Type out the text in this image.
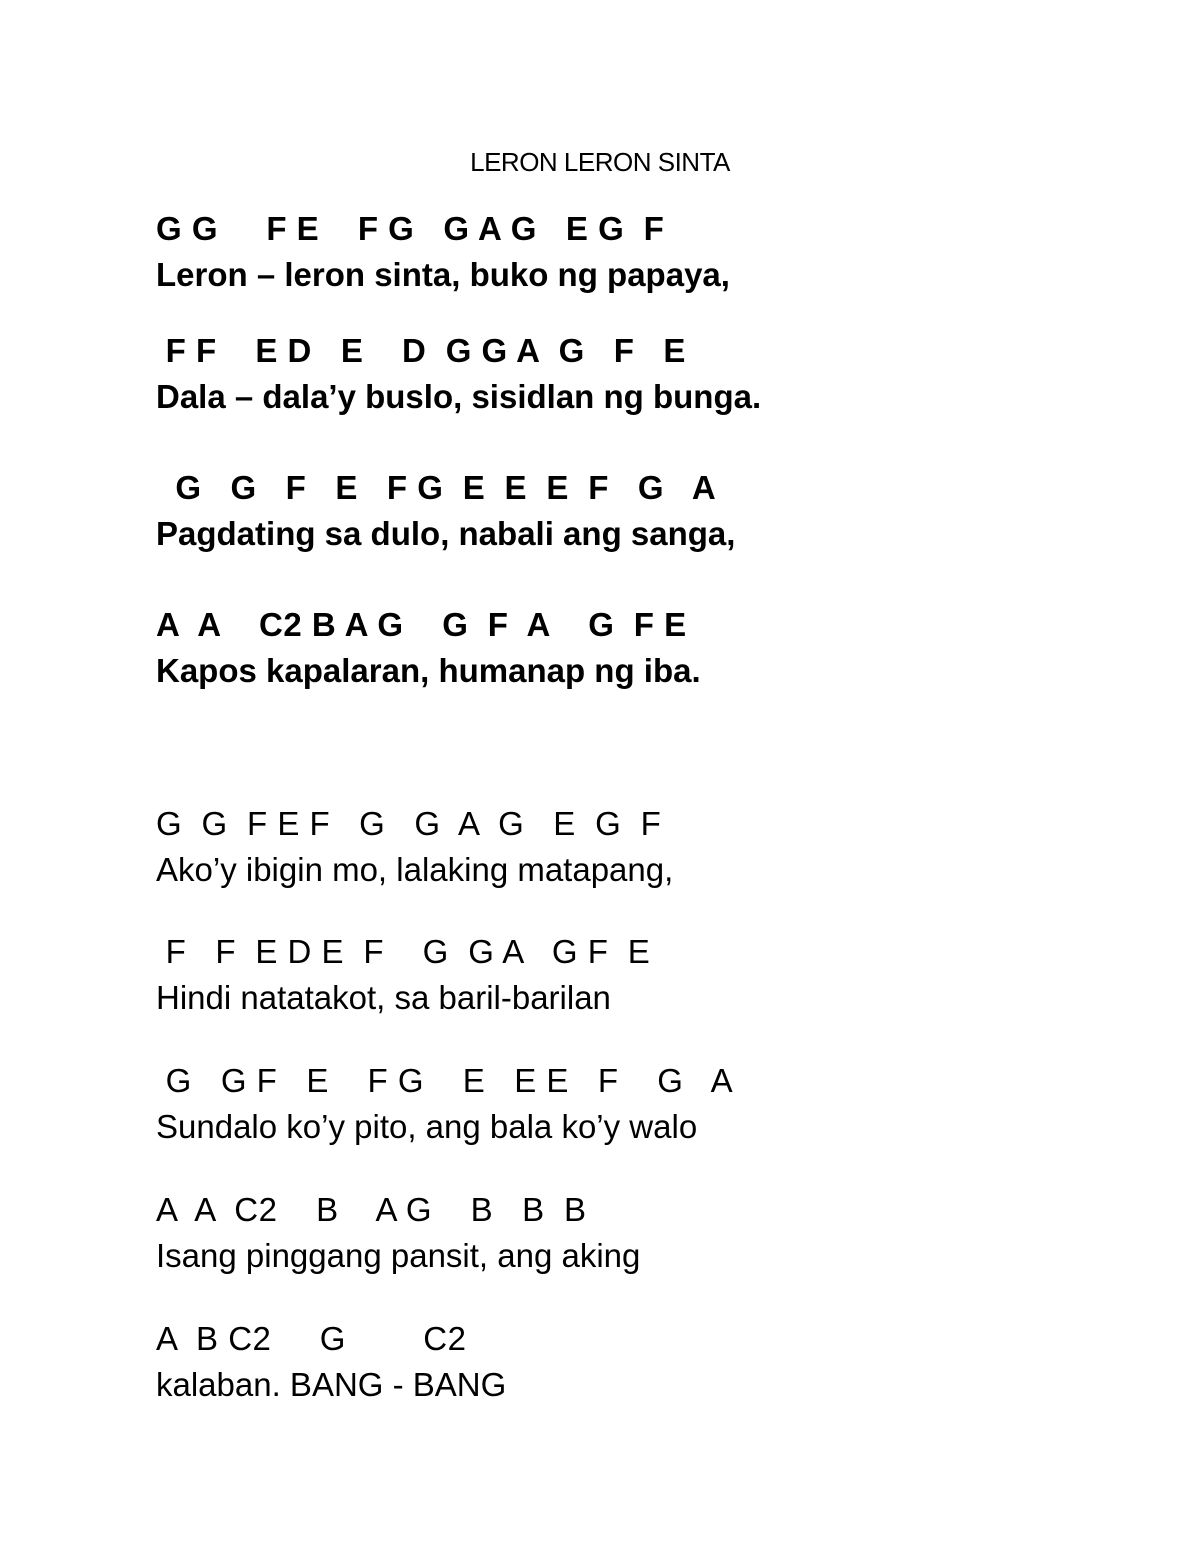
LERON LERON SINTA
G G     F E    F G   G A G   E G  F
Leron – leron sinta, buko ng papaya,
F F    E D   E    D  G G A  G   F   E
Dala – dala’y buslo, sisidlan ng bunga.
G   G   F   E   F G  E  E  E  F   G   A
Pagdating sa dulo, nabali ang sanga,
A  A    C2 B A G    G  F  A    G  F E
Kapos kapalaran, humanap ng iba.
G  G  F E F   G   G  A  G   E  G  F
Ako’y ibigin mo, lalaking matapang,
F   F  E D E  F    G  G A   G F  E
Hindi natatakot, sa baril-barilan
G   G F   E    F G    E   E E   F    G   A
Sundalo ko’y pito, ang bala ko’y walo
A  A  C2    B    A G    B   B  B
Isang pinggang pansit, ang aking
A  B C2     G        C2
kalaban. BANG - BANG
